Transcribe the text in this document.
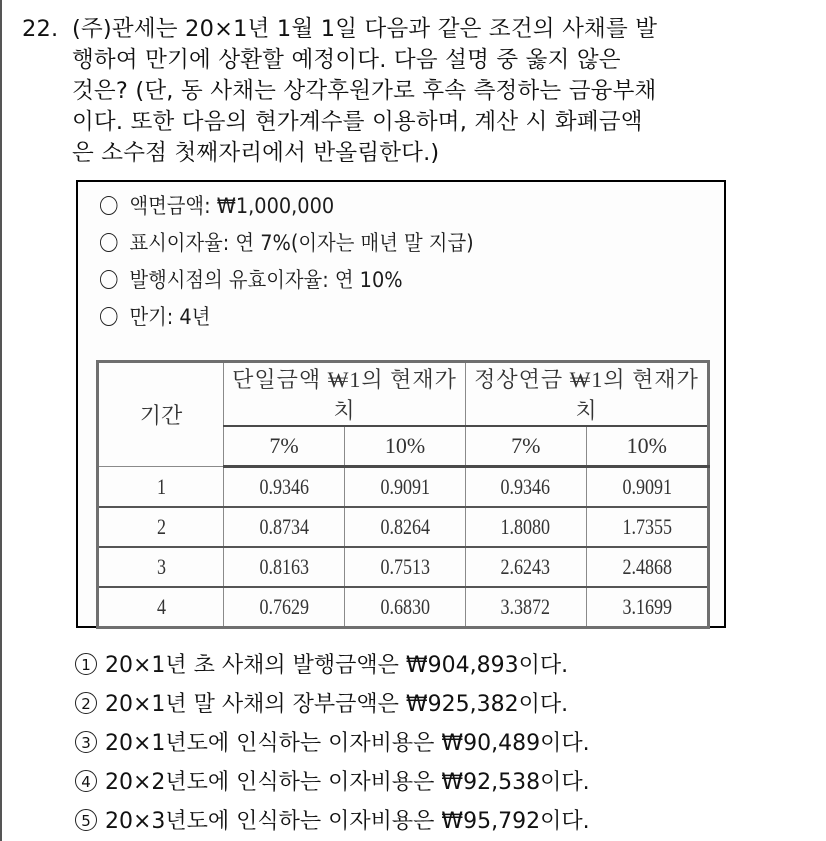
22. (주)관세는 20×1년 1월 1일 다음과 같은 조건의 사채를 발
행하여 만기에 상환할 예정이다. 다음 설명 중 옳지 않은
것은? (단, 동 사채는 상각후원가로 후속 측정하는 금융부채
이다. 또한 다음의 현가계수를 이용하며, 계산 시 화폐금액
은 소수점 첫째자리에서 반올림한다.)
액면금액: ₩1,000,000
표시이자율: 연 7%(이자는 매년 말 지급)
발행시점의 유효이자율: 연 10%
만기: 4년
기간	단일금액 ₩1의 현재가치		정상연금 ₩1의 현재가치	
	7%	10%	7%	10%
1	0.9346	0.9091	0.9346	0.9091
2	0.8734	0.8264	1.8080	1.7355
3	0.8163	0.7513	2.6243	2.4868
4	0.7629	0.6830	3.3872	3.1699
1 20×1년 초 사채의 발행금액은 ₩904,893이다.
2 20×1년 말 사채의 장부금액은 ₩925,382이다.
3 20×1년도에 인식하는 이자비용은 ₩90,489이다.
4 20×2년도에 인식하는 이자비용은 ₩92,538이다.
5 20×3년도에 인식하는 이자비용은 ₩95,792이다.
